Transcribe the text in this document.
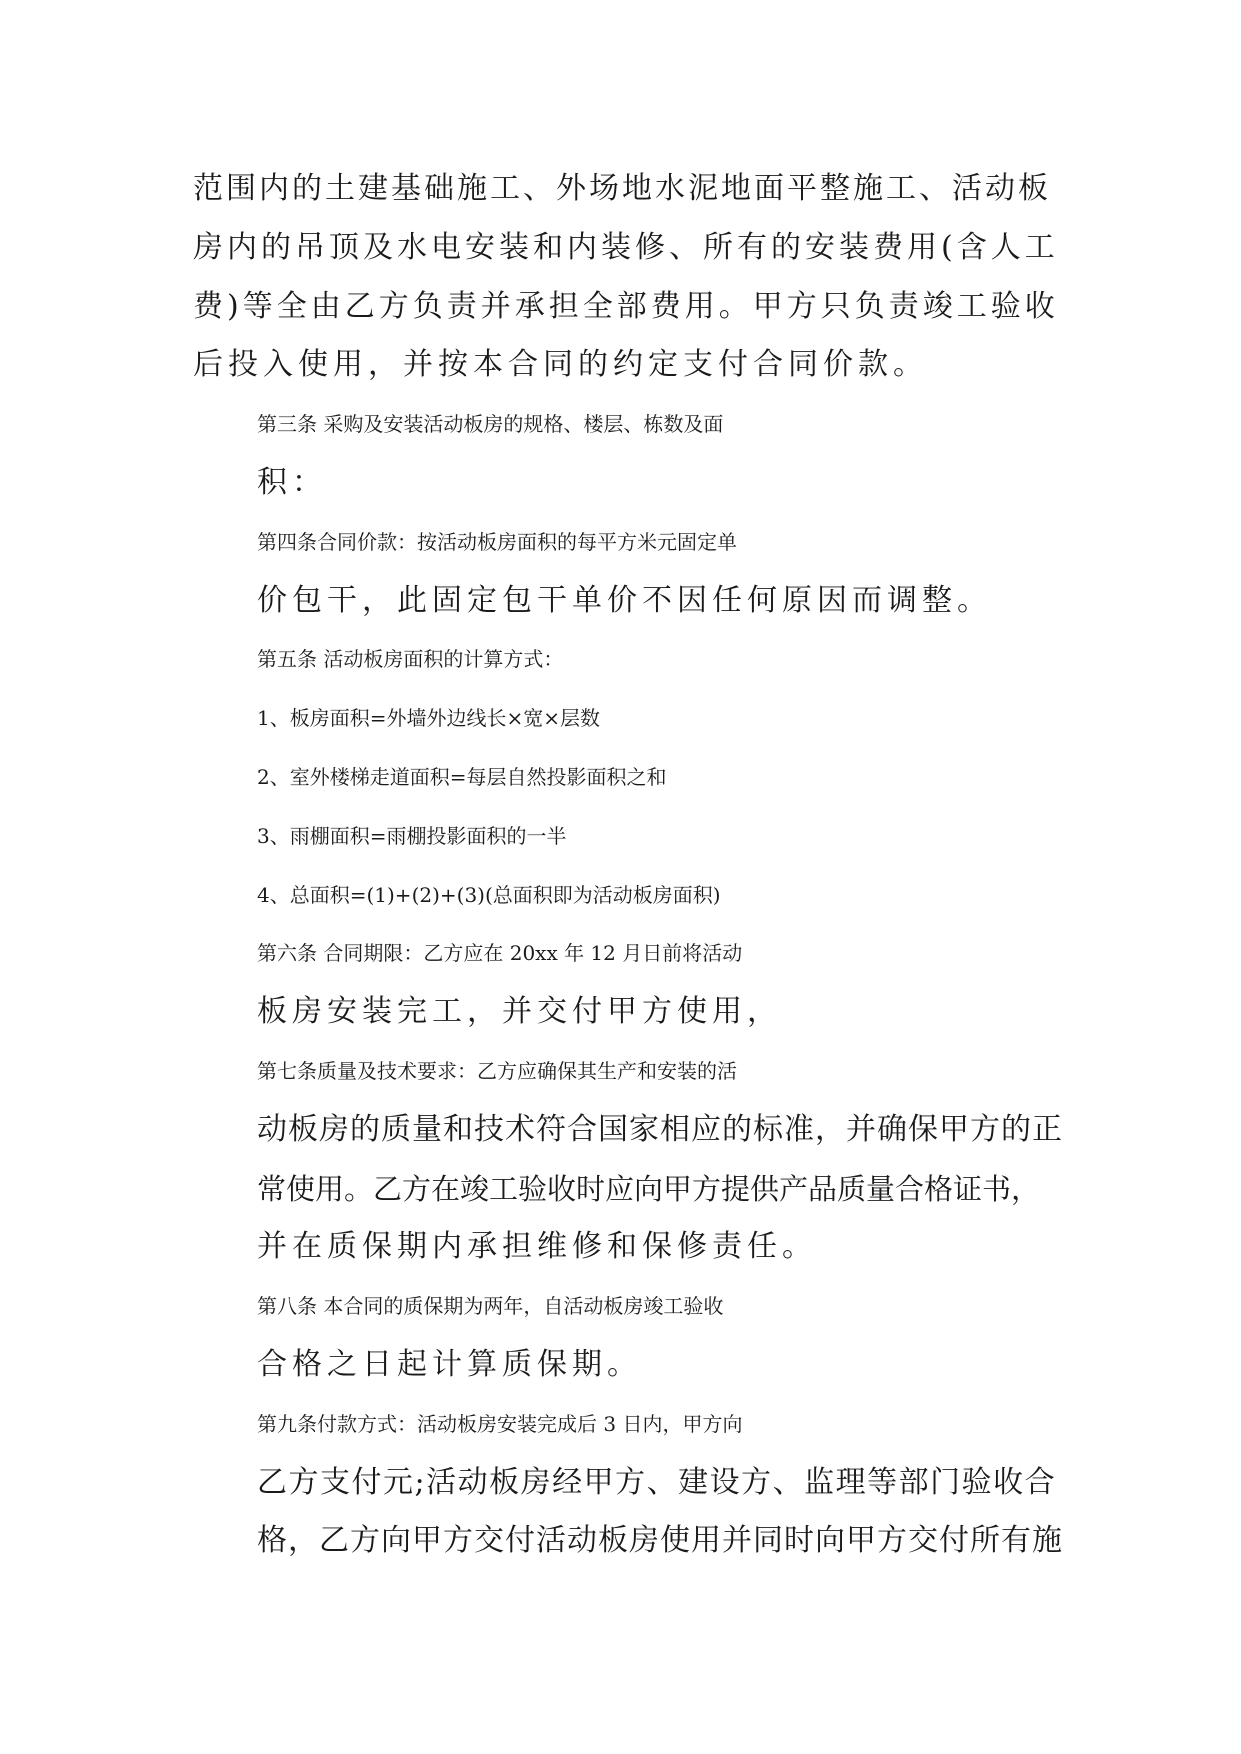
范围内的土建基础施工、外场地水泥地面平整施工、活动板
房内的吊顶及水电安装和内装修、所有的安装费用(含人工
费)等全由乙方负责并承担全部费用。甲方只负责竣工验收
后投入使用，并按本合同的约定支付合同价款。

第三条 采购及安装活动板房的规格、楼层、栋数及面
积：

第四条合同价款：按活动板房面积的每平方米元固定单
价包干，此固定包干单价不因任何原因而调整。

第五条 活动板房面积的计算方式：

1、板房面积=外墙外边线长×宽×层数

2、室外楼梯走道面积=每层自然投影面积之和

3、雨棚面积=雨棚投影面积的一半

4、总面积=(1)+(2)+(3)(总面积即为活动板房面积)

第六条 合同期限：乙方应在 20xx 年 12 月日前将活动
板房安装完工，并交付甲方使用，

第七条质量及技术要求：乙方应确保其生产和安装的活
动板房的质量和技术符合国家相应的标准，并确保甲方的正
常使用。乙方在竣工验收时应向甲方提供产品质量合格证书，
并在质保期内承担维修和保修责任。

第八条 本合同的质保期为两年，自活动板房竣工验收
合格之日起计算质保期。

第九条付款方式：活动板房安装完成后 3 日内，甲方向
乙方支付元;活动板房经甲方、建设方、监理等部门验收合
格，乙方向甲方交付活动板房使用并同时向甲方交付所有施
